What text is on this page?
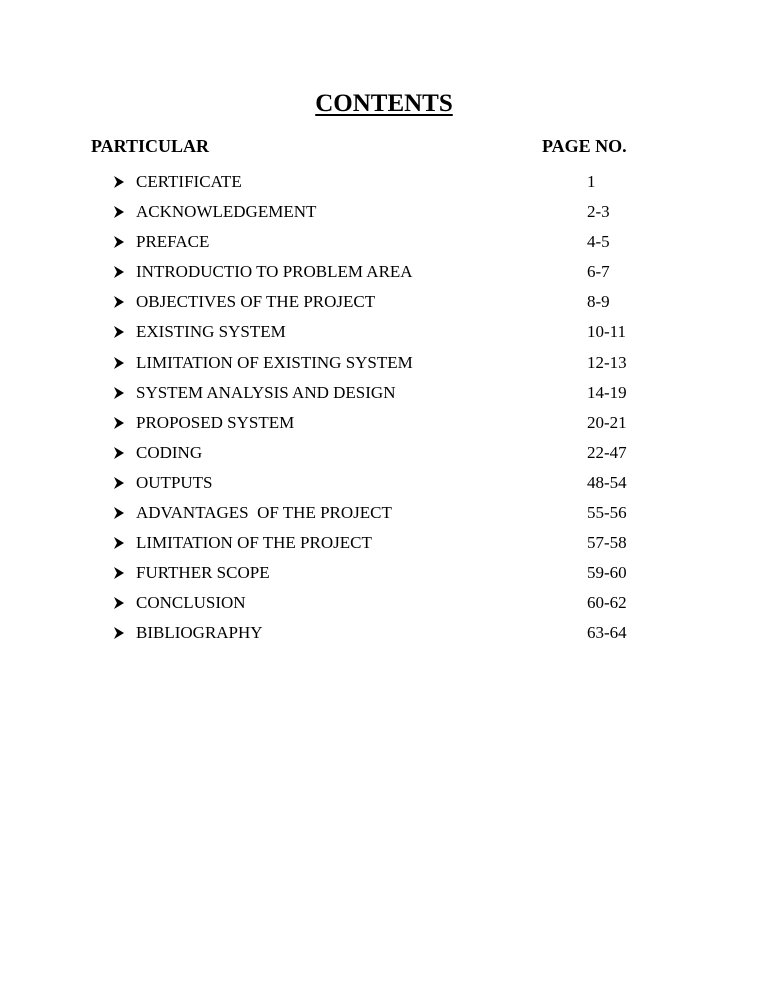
CONTENTS
PARTICULAR	PAGE NO.
CERTIFICATE	1
ACKNOWLEDGEMENT	2-3
PREFACE	4-5
INTRODUCTIO TO PROBLEM AREA	6-7
OBJECTIVES OF THE PROJECT	8-9
EXISTING SYSTEM	10-11
LIMITATION OF EXISTING SYSTEM	12-13
SYSTEM ANALYSIS AND DESIGN	14-19
PROPOSED SYSTEM	20-21
CODING	22-47
OUTPUTS	48-54
ADVANTAGES  OF THE PROJECT	55-56
LIMITATION OF THE PROJECT	57-58
FURTHER SCOPE	59-60
CONCLUSION	60-62
BIBLIOGRAPHY	63-64
